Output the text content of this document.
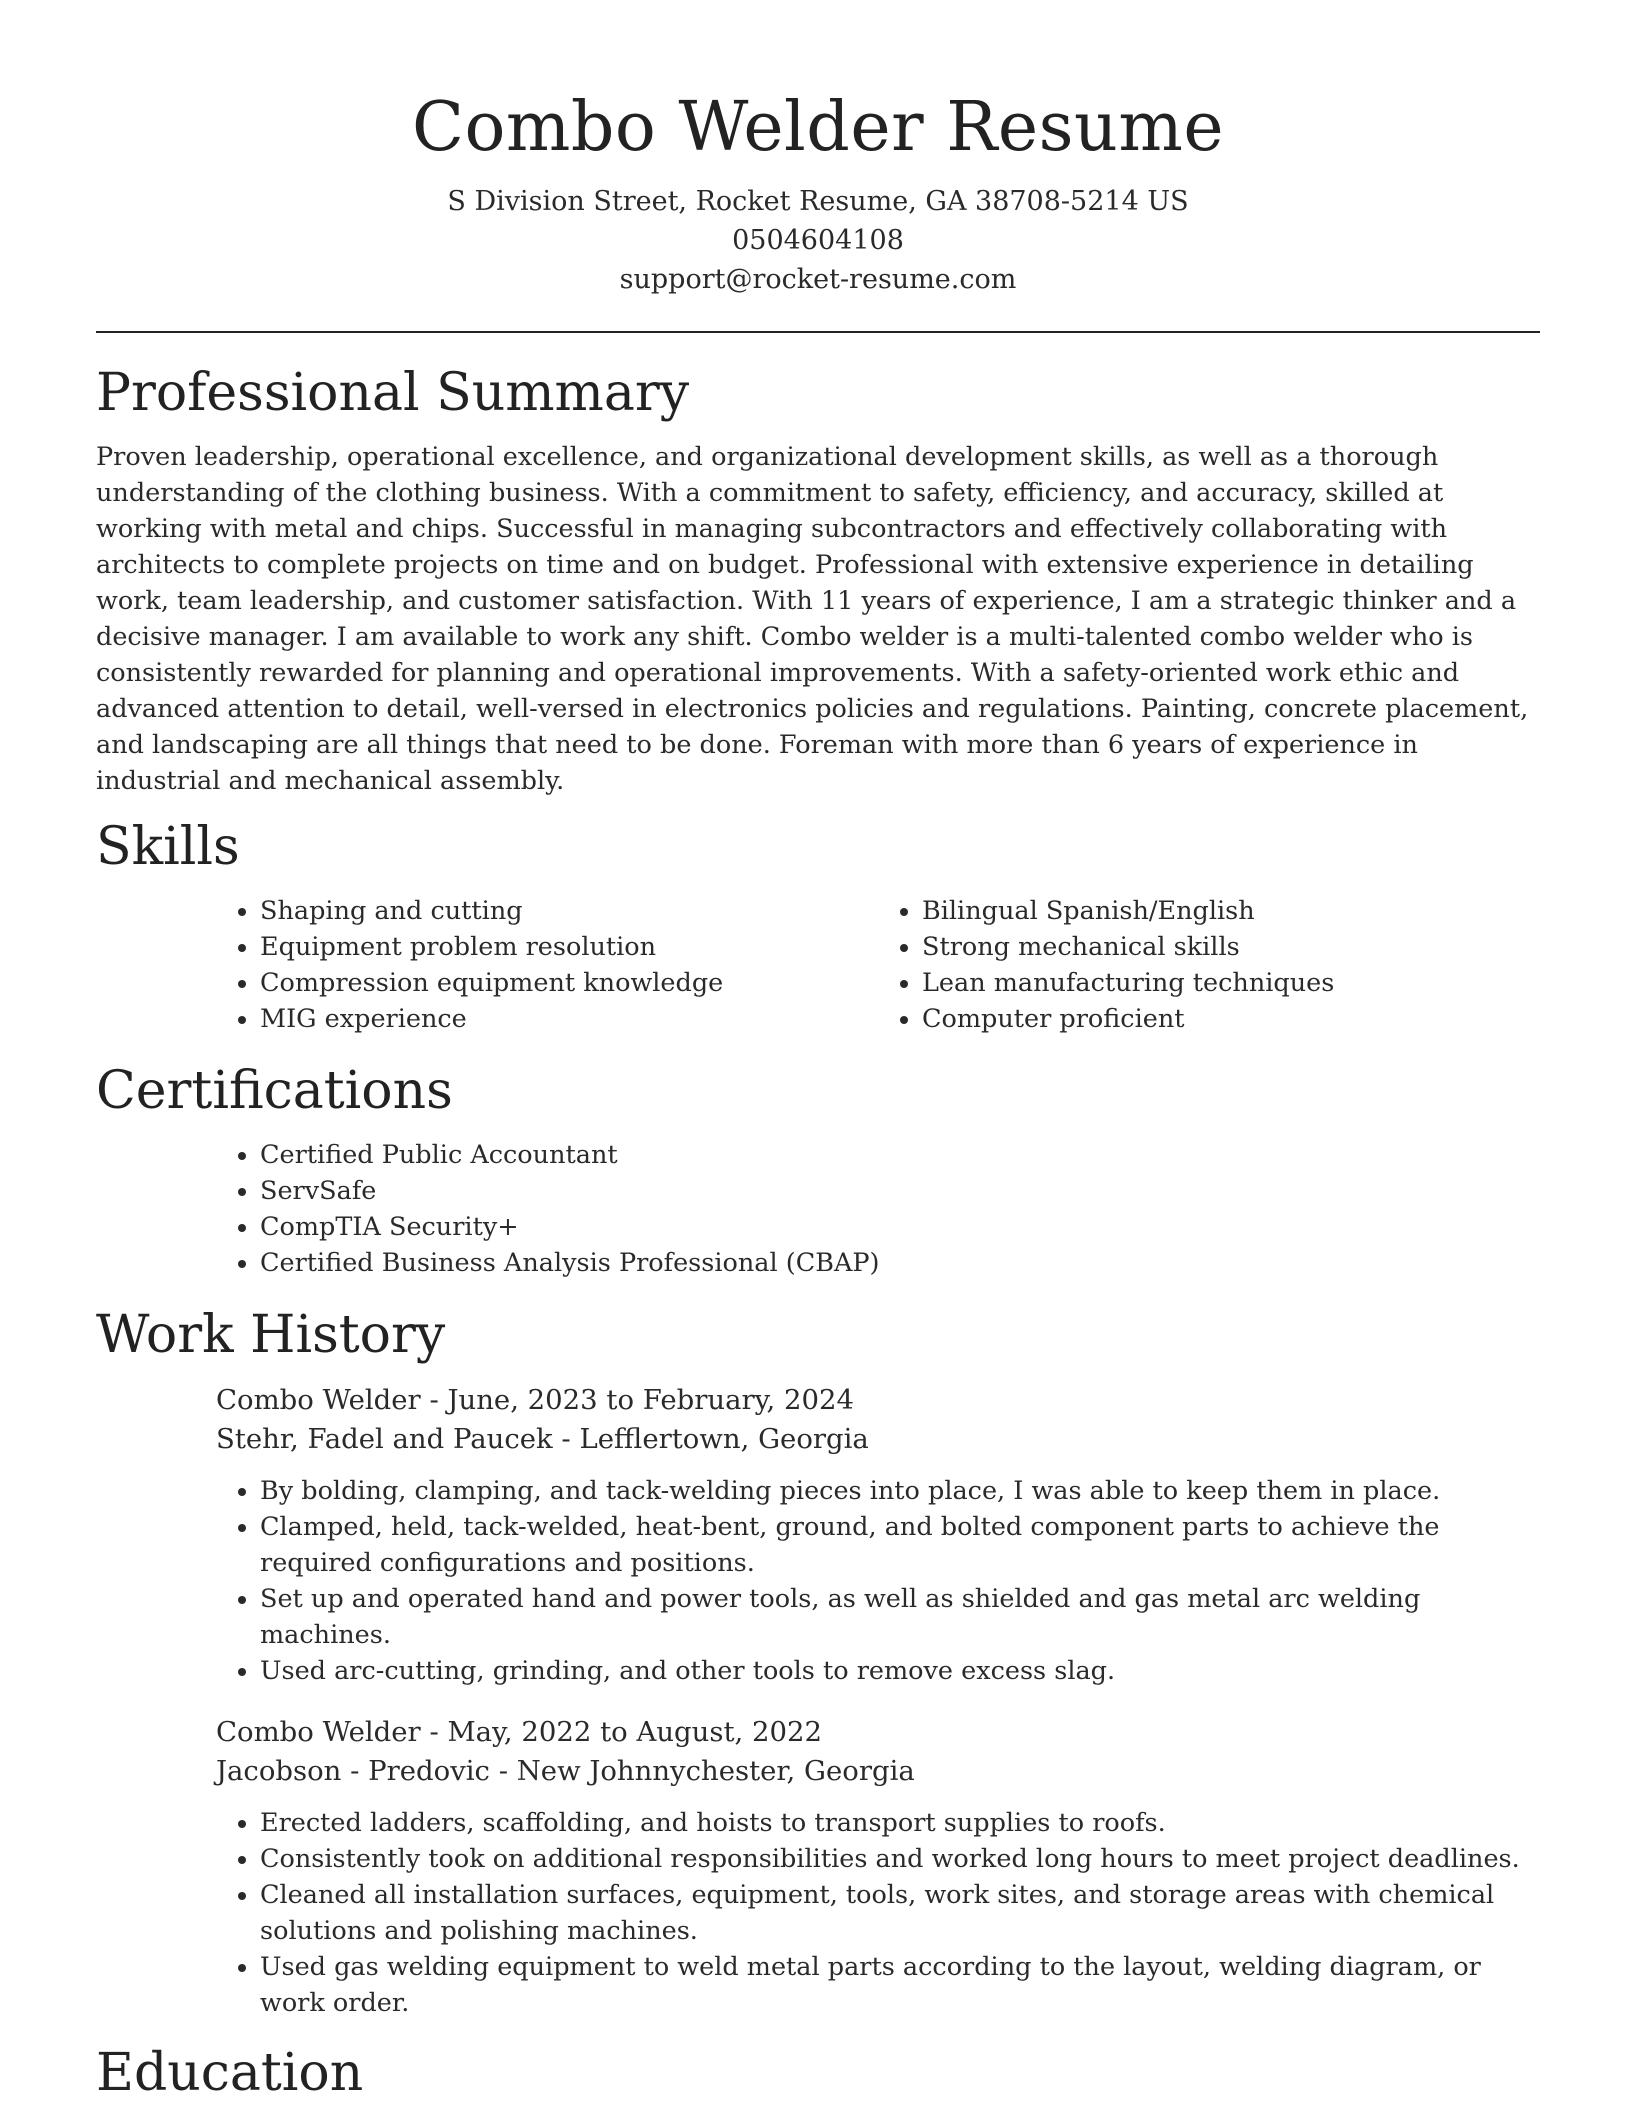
Combo Welder Resume
S Division Street, Rocket Resume, GA 38708-5214 US
0504604108
support@rocket-resume.com
Professional Summary

Proven leadership, operational excellence, and organizational development skills, as well as a thorough understanding of the clothing business. With a commitment to safety, efficiency, and accuracy, skilled at working with metal and chips. Successful in managing subcontractors and effectively collaborating with architects to complete projects on time and on budget. Professional with extensive experience in detailing work, team leadership, and customer satisfaction. With 11 years of experience, I am a strategic thinker and a decisive manager. I am available to work any shift. Combo welder is a multi-talented combo welder who is consistently rewarded for planning and operational improvements. With a safety-oriented work ethic and advanced attention to detail, well-versed in electronics policies and regulations. Painting, concrete placement, and landscaping are all things that need to be done. Foreman with more than 6 years of experience in industrial and mechanical assembly.

Skills
• Shaping and cutting
• Equipment problem resolution
• Compression equipment knowledge
• MIG experience
• Bilingual Spanish/English
• Strong mechanical skills
• Lean manufacturing techniques
• Computer proficient
Certifications
• Certified Public Accountant
• ServSafe
• CompTIA Security+
• Certified Business Analysis Professional (CBAP)
Work History
Combo Welder - June, 2023 to February, 2024
Stehr, Fadel and Paucek - Lefflertown, Georgia
• By bolding, clamping, and tack-welding pieces into place, I was able to keep them in place.
• Clamped, held, tack-welded, heat-bent, ground, and bolted component parts to achieve the required configurations and positions.
• Set up and operated hand and power tools, as well as shielded and gas metal arc welding machines.
• Used arc-cutting, grinding, and other tools to remove excess slag.
Combo Welder - May, 2022 to August, 2022
Jacobson - Predovic - New Johnnychester, Georgia
• Erected ladders, scaffolding, and hoists to transport supplies to roofs.
• Consistently took on additional responsibilities and worked long hours to meet project deadlines.
• Cleaned all installation surfaces, equipment, tools, work sites, and storage areas with chemical solutions and polishing machines.
• Used gas welding equipment to weld metal parts according to the layout, welding diagram, or work order.
Education
